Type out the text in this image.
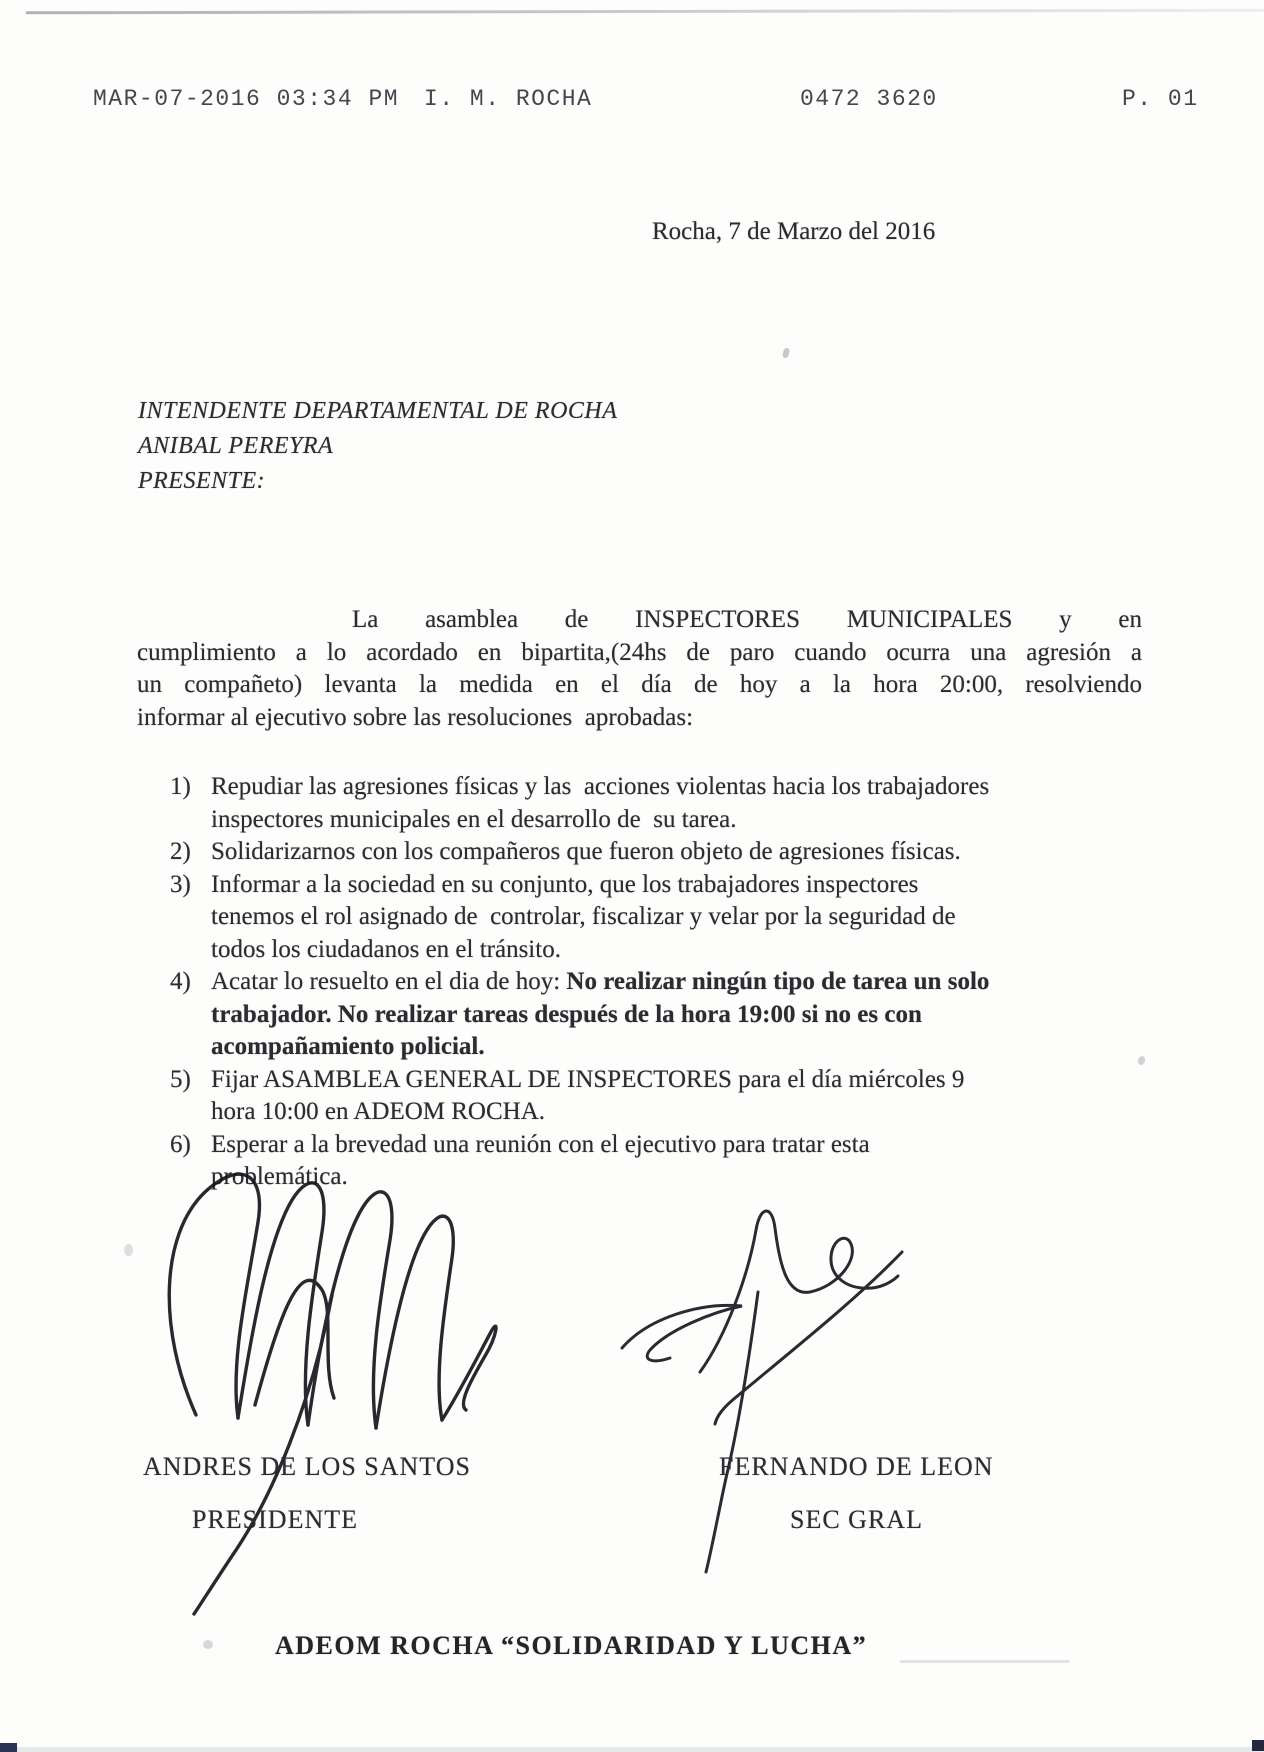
MAR-07-2016 03:34 PM I. M. ROCHA	0472 3620	P. 01
Rocha, 7 de Marzo del 2016
INTENDENTE DEPARTAMENTAL DE ROCHA
ANIBAL PEREYRA
PRESENTE:
La asamblea de INSPECTORES MUNICIPALES y en
cumplimiento a lo acordado en bipartita,(24hs de paro cuando ocurra una agresión a
un compañeto) levanta la medida en el día de hoy a la hora 20:00, resolviendo
informar al ejecutivo sobre las resoluciones  aprobadas:
1) Repudiar las agresiones físicas y las  acciones violentas hacia los trabajadores
inspectores municipales en el desarrollo de  su tarea.
2) Solidarizarnos con los compañeros que fueron objeto de agresiones físicas.
3) Informar a la sociedad en su conjunto, que los trabajadores inspectores
tenemos el rol asignado de  controlar, fiscalizar y velar por la seguridad de
todos los ciudadanos en el tránsito.
4) Acatar lo resuelto en el dia de hoy: No realizar ningún tipo de tarea un solo
trabajador. No realizar tareas después de la hora 19:00 si no es con
acompañamiento policial.
5) Fijar ASAMBLEA GENERAL DE INSPECTORES para el día miércoles 9
hora 10:00 en ADEOM ROCHA.
6) Esperar a la brevedad una reunión con el ejecutivo para tratar esta
problemática.
ANDRES DE LOS SANTOS
PRESIDENTE
FERNANDO DE LEON
SEC GRAL
ADEOM ROCHA “SOLIDARIDAD Y LUCHA”
